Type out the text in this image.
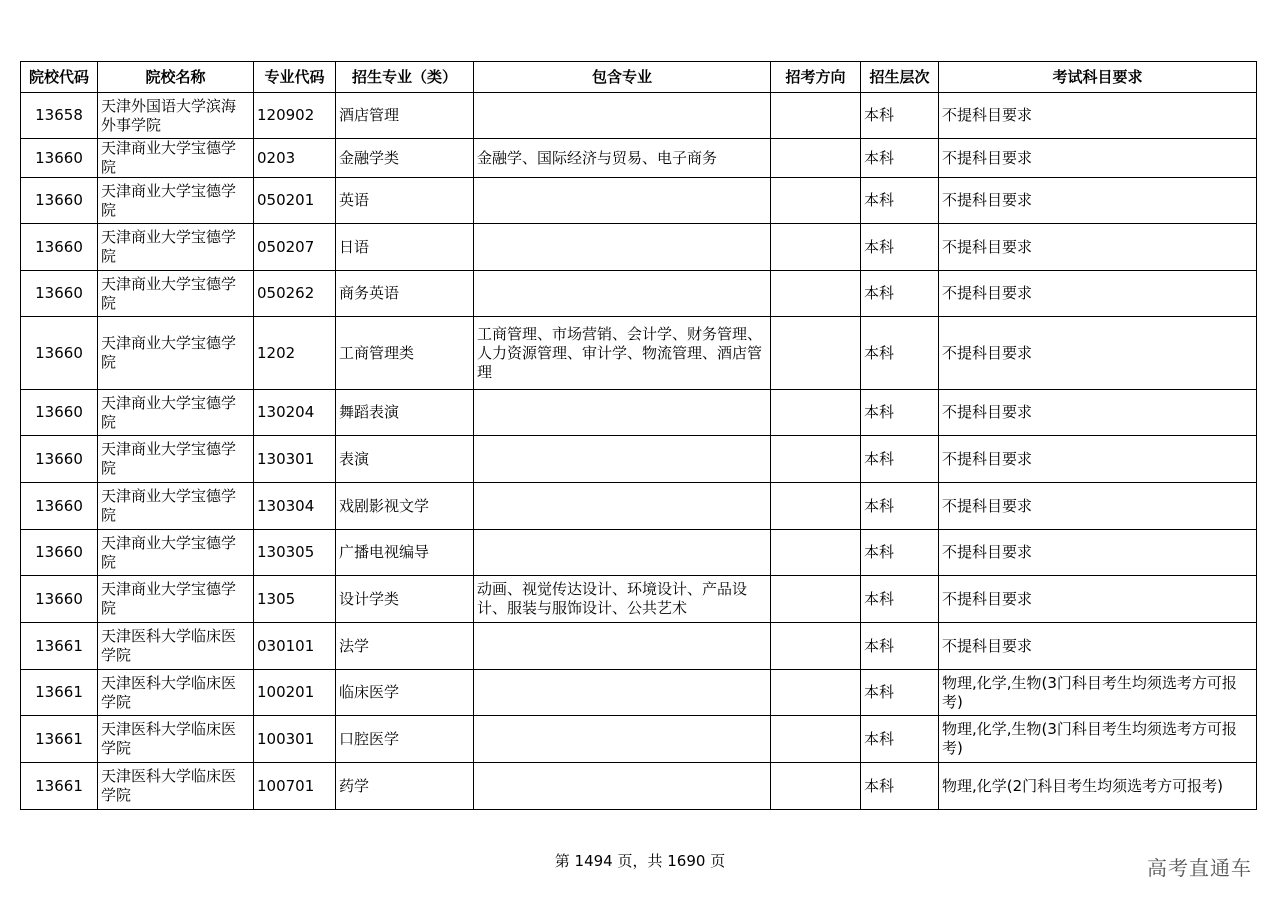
院校代码	院校名称	专业代码	招生专业（类）	包含专业	招考方向	招生层次	考试科目要求
13658	天津外国语大学滨海外事学院	120902	酒店管理			本科	不提科目要求
13660	天津商业大学宝德学院	0203	金融学类	金融学、国际经济与贸易、电子商务		本科	不提科目要求
13660	天津商业大学宝德学院	050201	英语			本科	不提科目要求
13660	天津商业大学宝德学院	050207	日语			本科	不提科目要求
13660	天津商业大学宝德学院	050262	商务英语			本科	不提科目要求
13660	天津商业大学宝德学院	1202	工商管理类	工商管理、市场营销、会计学、财务管理、人力资源管理、审计学、物流管理、酒店管理		本科	不提科目要求
13660	天津商业大学宝德学院	130204	舞蹈表演			本科	不提科目要求
13660	天津商业大学宝德学院	130301	表演			本科	不提科目要求
13660	天津商业大学宝德学院	130304	戏剧影视文学			本科	不提科目要求
13660	天津商业大学宝德学院	130305	广播电视编导			本科	不提科目要求
13660	天津商业大学宝德学院	1305	设计学类	动画、视觉传达设计、环境设计、产品设计、服装与服饰设计、公共艺术		本科	不提科目要求
13661	天津医科大学临床医学院	030101	法学			本科	不提科目要求
13661	天津医科大学临床医学院	100201	临床医学			本科	物理,化学,生物(3门科目考生均须选考方可报考)
13661	天津医科大学临床医学院	100301	口腔医学			本科	物理,化学,生物(3门科目考生均须选考方可报考)
13661	天津医科大学临床医学院	100701	药学			本科	物理,化学(2门科目考生均须选考方可报考)
第 1494 页，共 1690 页	高考直通车
